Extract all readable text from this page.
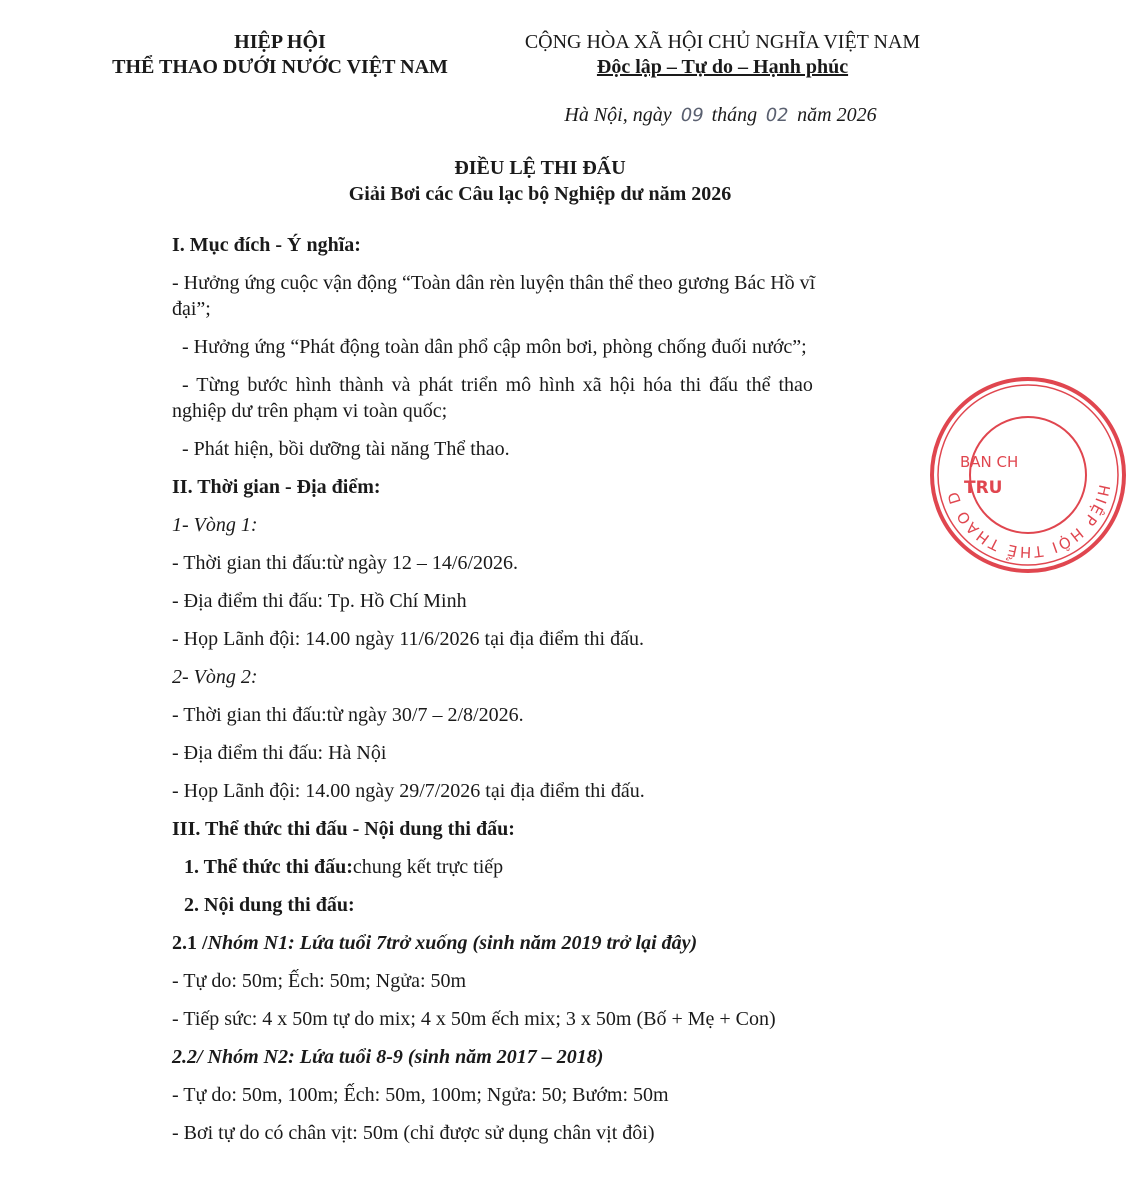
HIỆP HỘI
THỂ THAO DƯỚI NƯỚC VIỆT NAM
CỘNG HÒA XÃ HỘI CHỦ NGHĨA VIỆT NAM
Độc lập – Tự do – Hạnh phúc
Hà Nội, ngày 09 tháng 02 năm 2026
ĐIỀU LỆ THI ĐẤU
Giải Bơi các Câu lạc bộ Nghiệp dư năm 2026

I. Mục đích - Ý nghĩa:

- Hưởng ứng cuộc vận động “Toàn dân rèn luyện thân thể theo gương Bác Hồ vĩ

đại”;

- Hưởng ứng “Phát động toàn dân phổ cập môn bơi, phòng chống đuối nước”;

- Từng bước hình thành và phát triển mô hình xã hội hóa thi đấu thể thao

nghiệp dư trên phạm vi toàn quốc;

- Phát hiện, bồi dưỡng tài năng Thể thao.

II. Thời gian - Địa điểm:

1- Vòng 1:

- Thời gian thi đấu:từ ngày 12 – 14/6/2026.

- Địa điểm thi đấu: Tp. Hồ Chí Minh

- Họp Lãnh đội: 14.00 ngày 11/6/2026 tại địa điểm thi đấu.

2- Vòng 2:

- Thời gian thi đấu:từ ngày 30/7 – 2/8/2026.

- Địa điểm thi đấu: Hà Nội

- Họp Lãnh đội: 14.00 ngày 29/7/2026 tại địa điểm thi đấu.

III. Thể thức thi đấu - Nội dung thi đấu:

1. Thể thức thi đấu:chung kết trực tiếp

2. Nội dung thi đấu:

2.1 /Nhóm N1: Lứa tuổi 7trở xuống (sinh năm 2019 trở lại đây)

- Tự do: 50m; Ếch: 50m; Ngửa: 50m

- Tiếp sức: 4 x 50m tự do mix; 4 x 50m ếch mix; 3 x 50m (Bố + Mẹ + Con)

2.2/ Nhóm N2: Lứa tuổi 8-9 (sinh năm 2017 – 2018)

- Tự do: 50m, 100m; Ếch: 50m, 100m; Ngửa: 50; Bướm: 50m

- Bơi tự do có chân vịt: 50m (chỉ được sử dụng chân vịt đôi)

HIỆP HỘI THỂ THAO D
BAN CH
TRU
